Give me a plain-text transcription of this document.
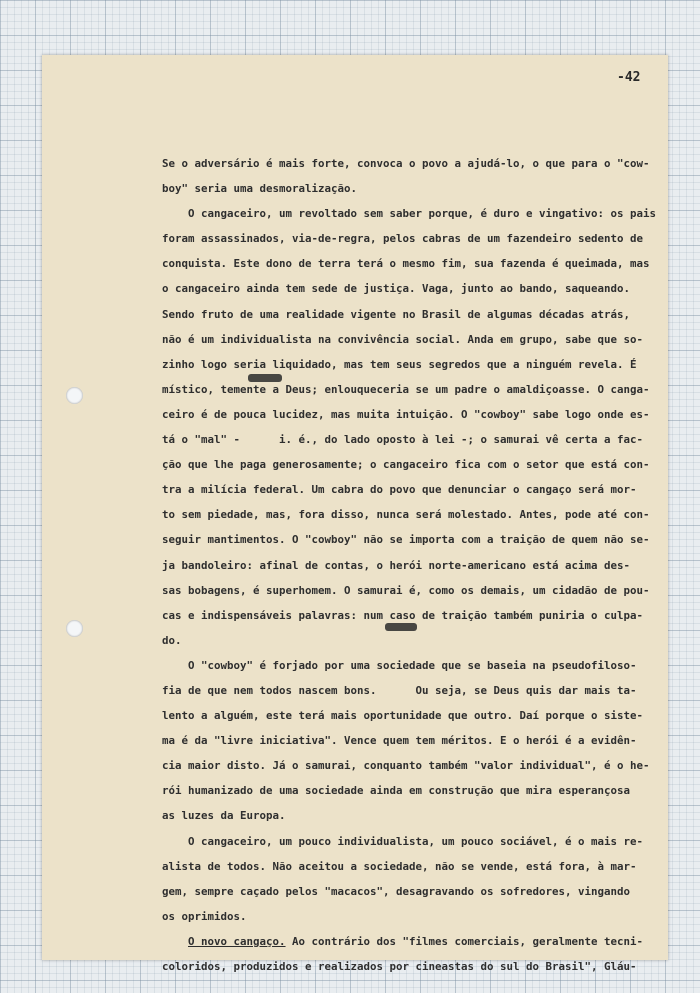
-42

Se o adversário é mais forte, convoca o povo a ajudá-lo, o que para o "cow-
boy" seria uma desmoralização.
O cangaceiro, um revoltado sem saber porque, é duro e vingativo: os pais
foram assassinados, via-de-regra, pelos cabras de um fazendeiro sedento de
conquista. Este dono de terra terá o mesmo fim, sua fazenda é queimada, mas
o cangaceiro ainda tem sede de justiça. Vaga, junto ao bando, saqueando.
Sendo fruto de uma realidade vigente no Brasil de algumas décadas atrás,
não é um individualista na convivência social. Anda em grupo, sabe que so-
zinho logo seria liquidado, mas tem seus segredos que a ninguém revela. É
místico, temente a Deus; enlouqueceria se um padre o amaldiçoasse. O canga-
ceiro é de pouca lucidez, mas muita intuição. O "cowboy" sabe logo onde es-
tá o "mal" -      i. é., do lado oposto à lei -; o samurai vê certa a fac-
ção que lhe paga generosamente; o cangaceiro fica com o setor que está con-
tra a milícia federal. Um cabra do povo que denunciar o cangaço será mor-
to sem piedade, mas, fora disso, nunca será molestado. Antes, pode até con-
seguir mantimentos. O "cowboy" não se importa com a traição de quem não se-
ja bandoleiro: afinal de contas, o herói norte-americano está acima des-
sas bobagens, é superhomem. O samurai é, como os demais, um cidadão de pou-
cas e indispensáveis palavras: num caso de traição também puniria o culpa-
do.
O "cowboy" é forjado por uma sociedade que se baseia na pseudofiloso-
fia de que nem todos nascem bons.      Ou seja, se Deus quis dar mais ta-
lento a alguém, este terá mais oportunidade que outro. Daí porque o siste-
ma é da "livre iniciativa". Vence quem tem méritos. E o herói é a evidên-
cia maior disto. Já o samurai, conquanto também "valor individual", é o he-
rói humanizado de uma sociedade ainda em construção que mira esperançosa
as luzes da Europa.
O cangaceiro, um pouco individualista, um pouco sociável, é o mais re-
alista de todos. Não aceitou a sociedade, não se vende, está fora, à mar-
gem, sempre caçado pelos "macacos", desagravando os sofredores, vingando
os oprimidos.
O novo cangaço. Ao contrário dos "filmes comerciais, geralmente tecni-
coloridos, produzidos e realizados por cineastas do sul do Brasil", Gláu-
